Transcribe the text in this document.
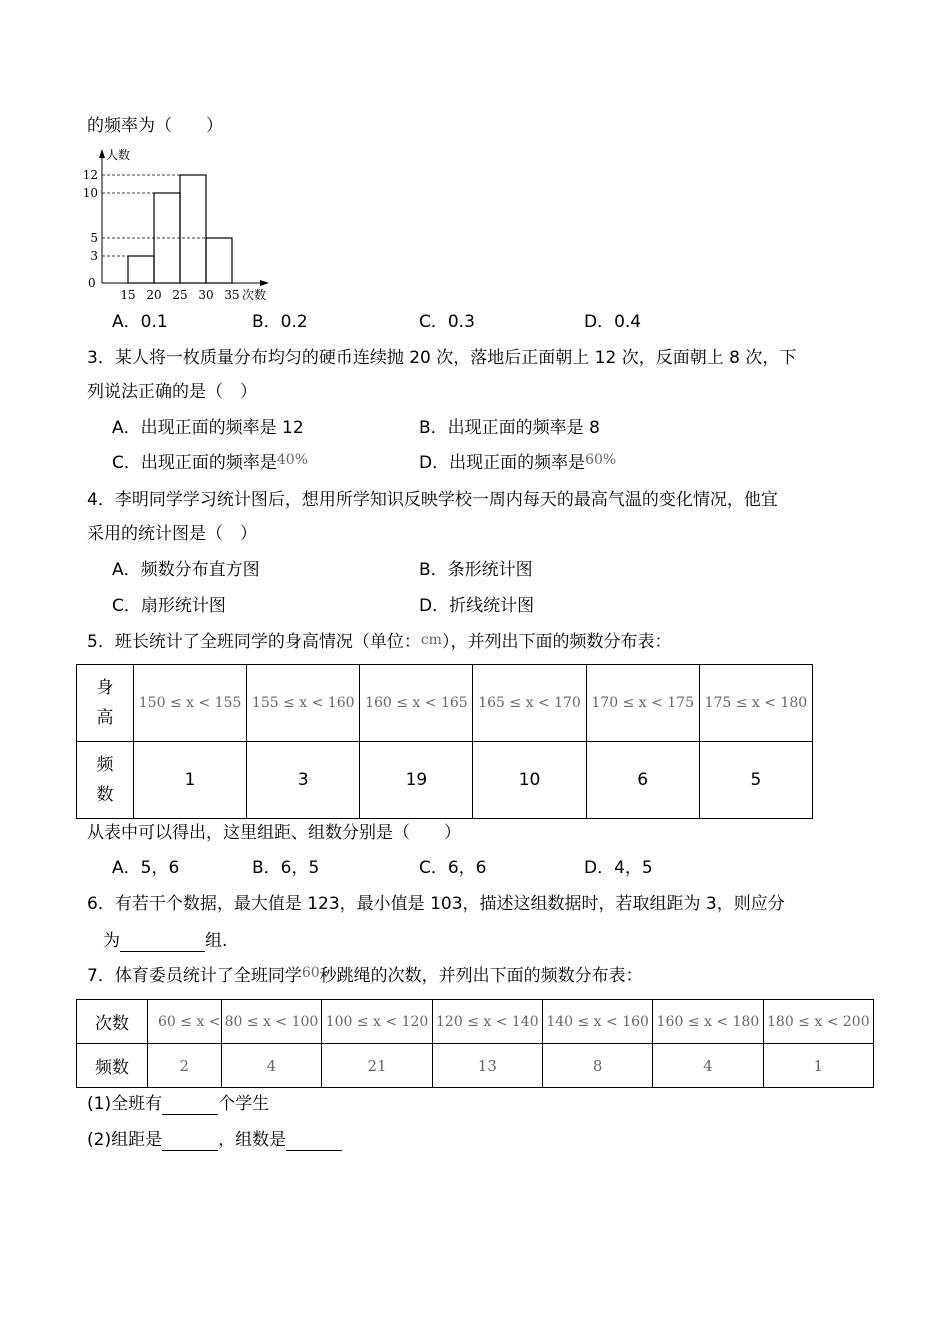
的频率为（　　）
人数
0
3
5
10
12
15 20 25 30 35 次数
A．0.1	B．0.2	C．0.3	D．0.4
3．某人将一枚质量分布均匀的硬币连续抛 20 次，落地后正面朝上 12 次，反面朝上 8 次，下
列说法正确的是（　）
A．出现正面的频率是 12	B．出现正面的频率是 8
C．出现正面的频率是$^{40\%}$	D．出现正面的频率是$^{60\%}$
4．李明同学学习统计图后，想用所学知识反映学校一周内每天的最高气温的变化情况，他宜
采用的统计图是（　）
A．频数分布直方图	B．条形统计图
C．扇形统计图	D．折线统计图
5．班长统计了全班同学的身高情况（单位：cm），并列出下面的频数分布表：
身
高	150 ≤ x < 155	155 ≤ x < 160	160 ≤ x < 165	165 ≤ x < 170	170 ≤ x < 175	175 ≤ x < 180
频
数	1	3	19	10	6	5
从表中可以得出，这里组距、组数分别是（　　）
A．5，6	B．6，5	C．6，6	D．4，5
6．有若干个数据，最大值是 123，最小值是 103，描述这组数据时，若取组距为 3，则应分
为	组.
7．体育委员统计了全班同学$^{60}$秒跳绳的次数，并列出下面的频数分布表：
次数	60 ≤ x <	80 ≤ x < 100	100 ≤ x < 120	120 ≤ x < 140	140 ≤ x < 160	160 ≤ x < 180	180 ≤ x < 200
频数	2	4	21	13	8	4	1
(1)全班有	个学生
(2)组距是	，组数是
